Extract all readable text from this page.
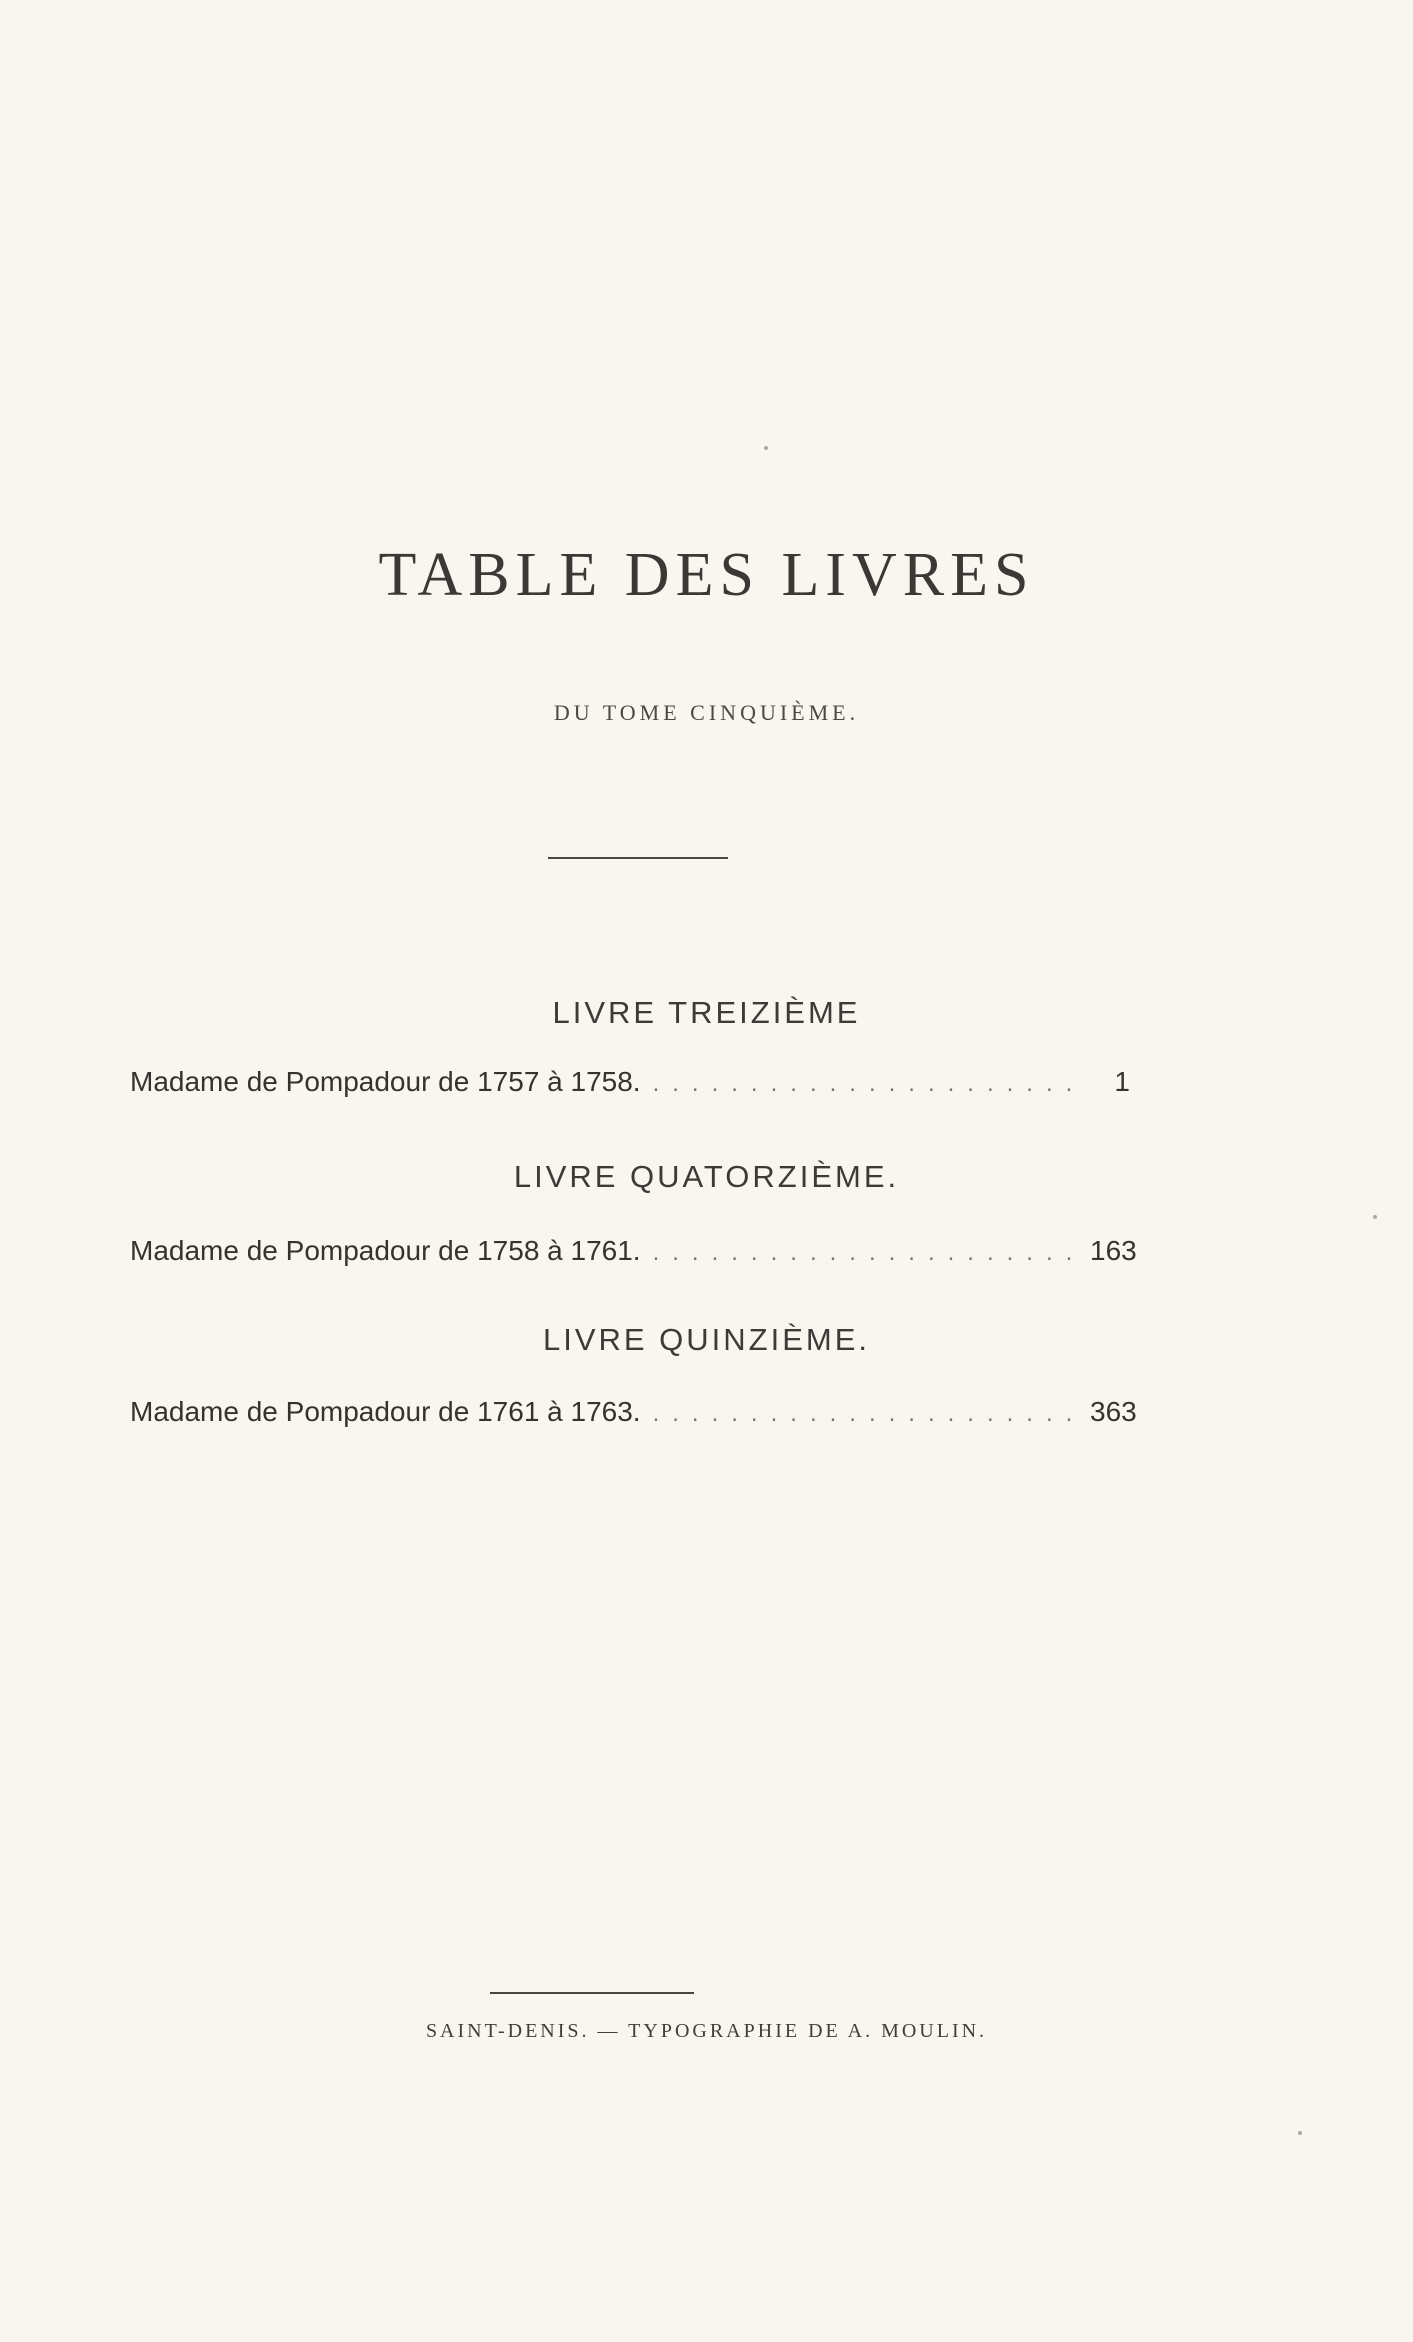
TABLE DES LIVRES
DU TOME CINQUIÈME.
LIVRE TREIZIÈME
Madame de Pompadour de 1757 à 1758. .....	1
LIVRE QUATORZIÈME.
Madame de Pompadour de 1758 à 1761. .....	163
LIVRE QUINZIÈME.
Madame de Pompadour de 1761 à 1763. .....	363
SAINT-DENIS. — TYPOGRAPHIE DE A. MOULIN.
